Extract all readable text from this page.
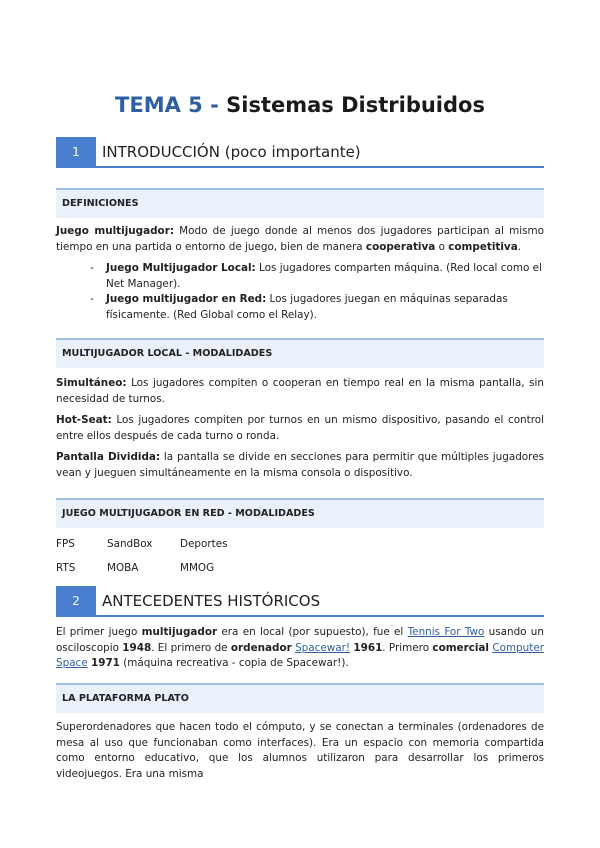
TEMA 5 - Sistemas Distribuidos
1	INTRODUCCIÓN (poco importante)
DEFINICIONES

Juego multijugador: Modo de juego donde al menos dos jugadores participan al mismo tiempo en una partida o entorno de juego, bien de manera cooperativa o competitiva.

- Juego Multijugador Local: Los jugadores comparten máquina. (Red local como el Net Manager).
- Juego multijugador en Red: Los jugadores juegan en máquinas separadas físicamente. (Red Global como el Relay).
MULTIJUGADOR LOCAL - MODALIDADES

Simultáneo: Los jugadores compiten o cooperan en tiempo real en la misma pantalla, sin necesidad de turnos.

Hot-Seat: Los jugadores compiten por turnos en un mismo dispositivo, pasando el control entre ellos después de cada turno o ronda.

Pantalla Dividida: la pantalla se divide en secciones para permitir que múltiples jugadores vean y jueguen simultáneamente en la misma consola o dispositivo.

JUEGO MULTIJUGADOR EN RED - MODALIDADES
FPS	SandBox	Deportes
RTS	MOBA	MMOG
2	ANTECEDENTES HISTÓRICOS

El primer juego multijugador era en local (por supuesto), fue el Tennis For Two usando un osciloscopio 1948. El primero de ordenador Spacewar! 1961. Primero comercial Computer Space 1971 (máquina recreativa - copia de Spacewar!).

LA PLATAFORMA PLATO

Superordenadores que hacen todo el cómputo, y se conectan a terminales (ordenadores de mesa al uso que funcionaban como interfaces). Era un espacio con memoria compartida como entorno educativo, que los alumnos utilizaron para desarrollar los primeros videojuegos. Era una misma
